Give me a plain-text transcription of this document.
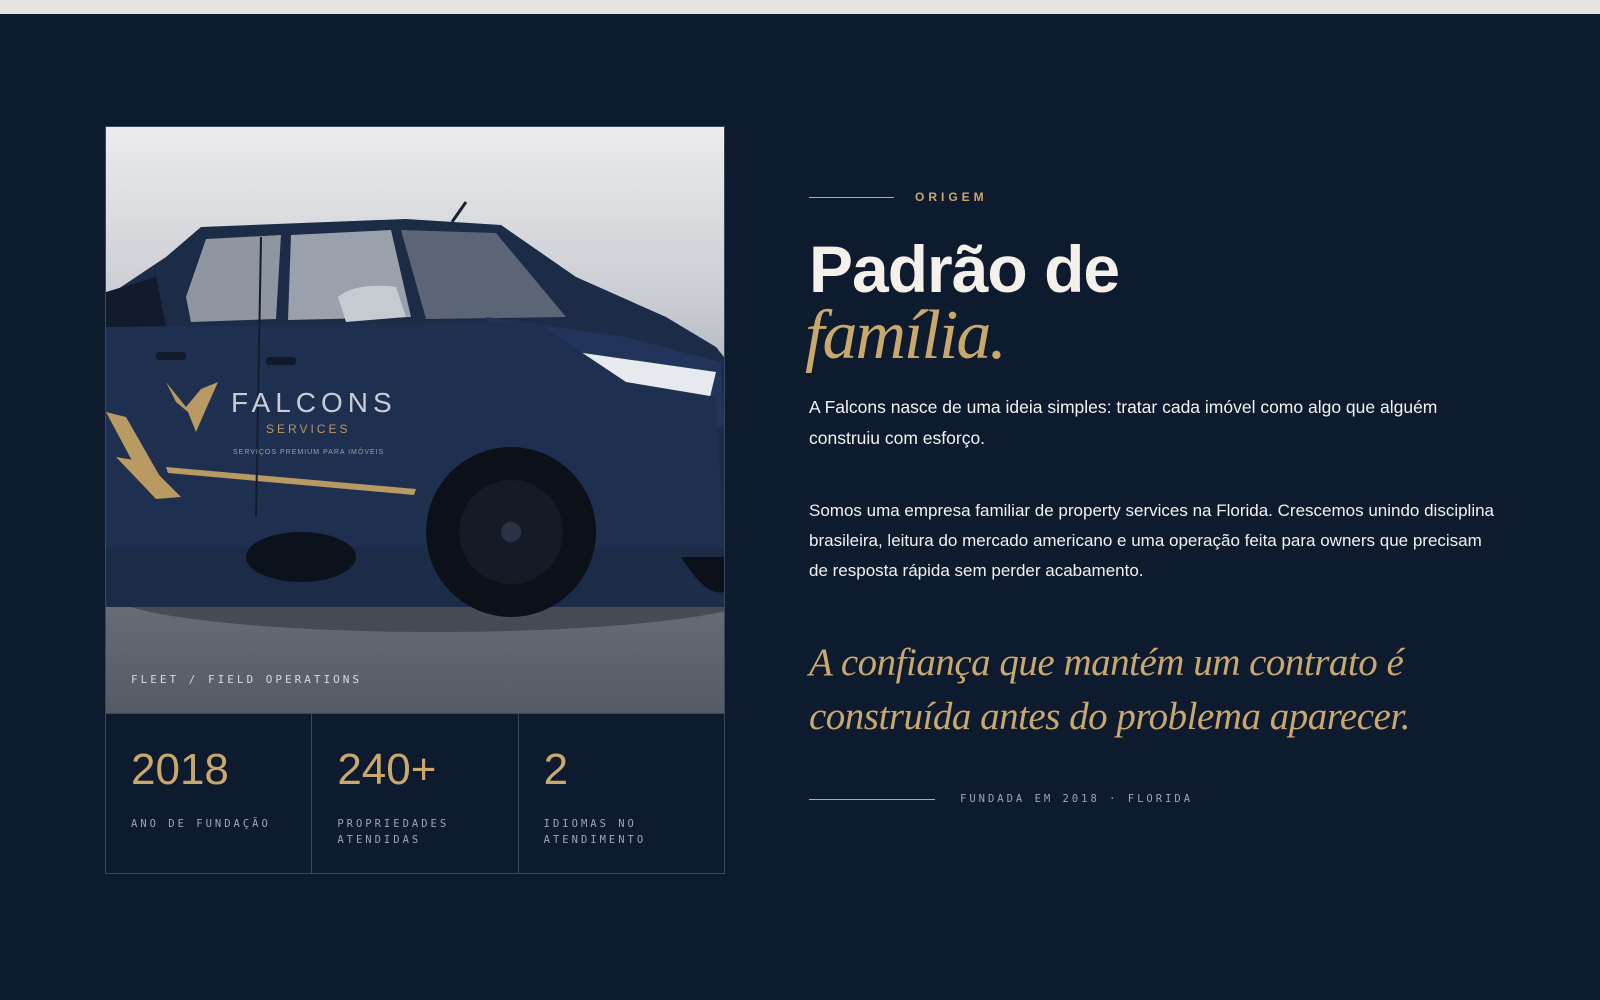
FALCONS
SERVICES
SERVIÇOS PREMIUM PARA IMÓVEIS
FLEET / FIELD OPERATIONS
2018
ANO DE FUNDAÇÃO
240+
PROPRIEDADES
ATENDIDAS
2
IDIOMAS NO
ATENDIMENTO
ORIGEM
Padrão de
família.

A Falcons nasce de uma ideia simples: tratar cada imóvel como algo que alguém construiu com esforço.

Somos uma empresa familiar de property services na Florida. Crescemos unindo disciplina brasileira, leitura do mercado americano e uma operação feita para owners que precisam de resposta rápida sem perder acabamento.

A confiança que mantém um contrato é construída antes do problema aparecer.
FUNDADA EM 2018 · FLORIDA
